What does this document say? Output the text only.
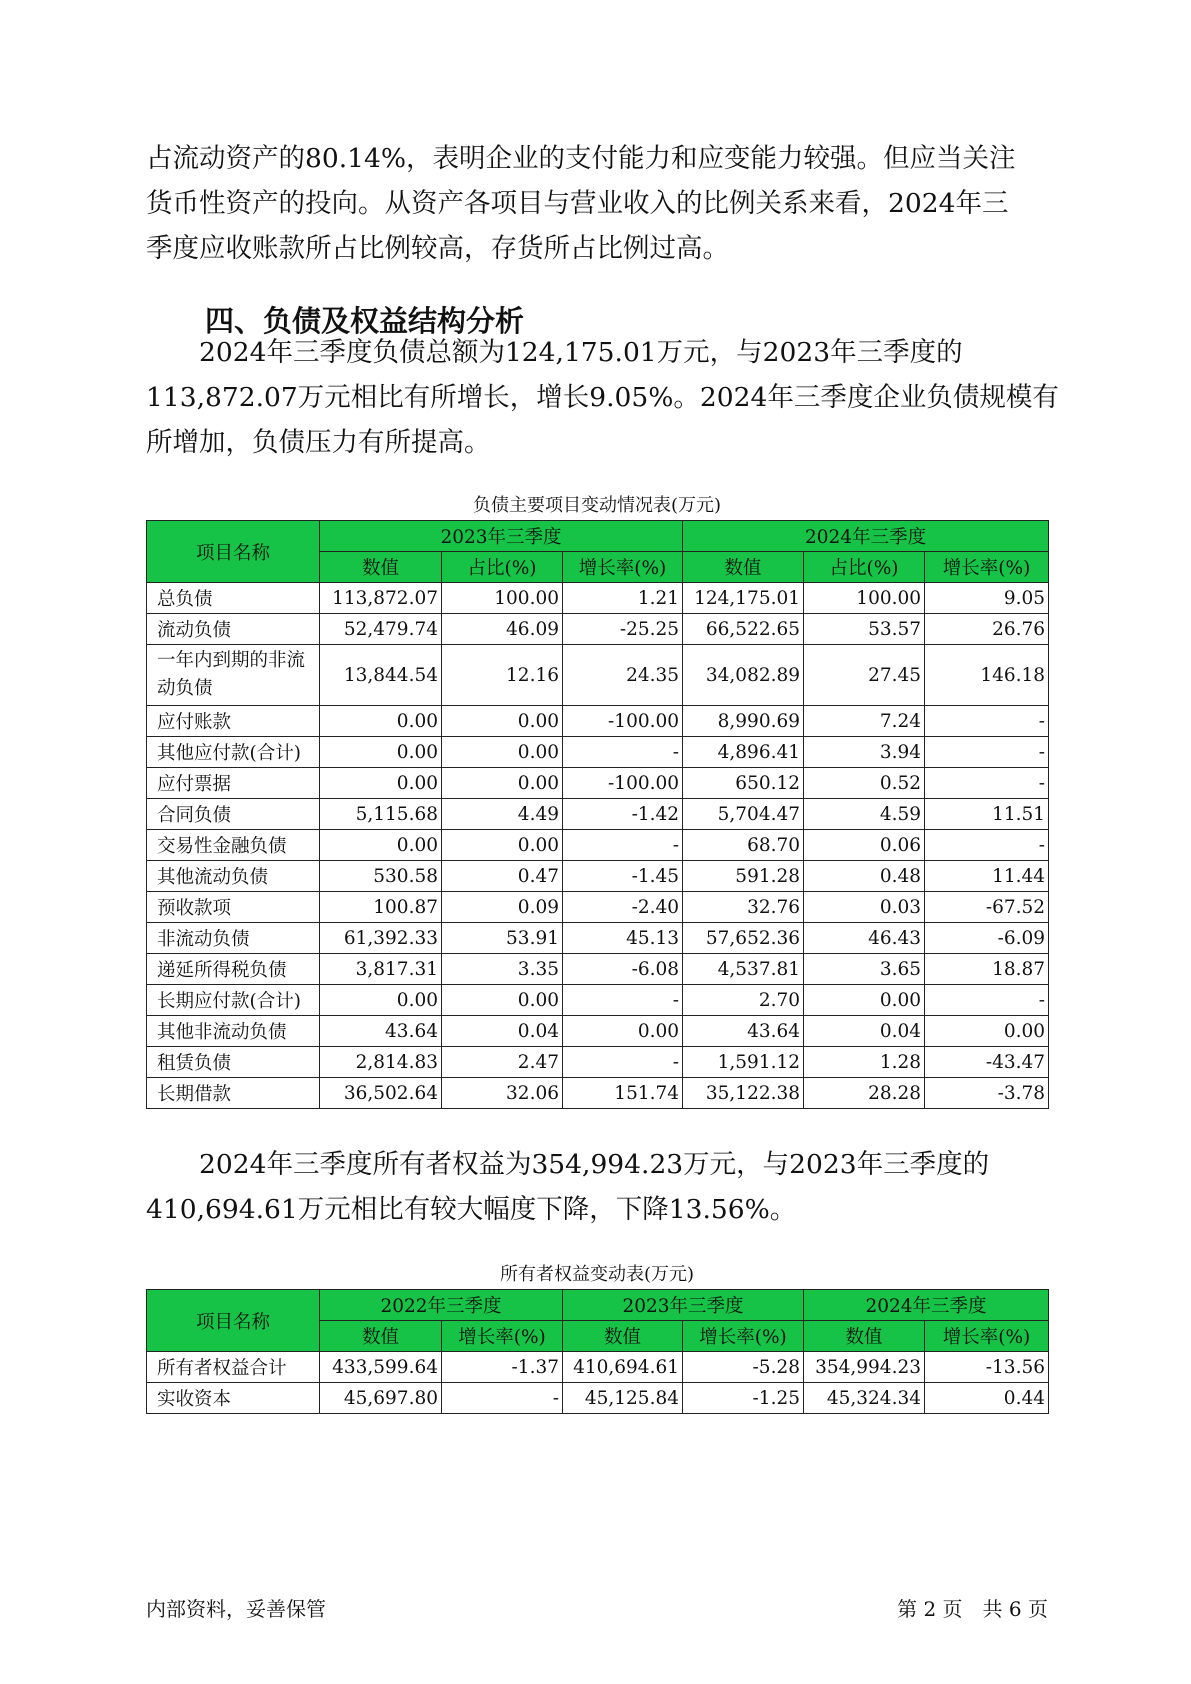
占流动资产的80.14%，表明企业的支付能力和应变能力较强。但应当关注
货币性资产的投向。从资产各项目与营业收入的比例关系来看，2024年三
季度应收账款所占比例较高，存货所占比例过高。

四、负债及权益结构分析

2024年三季度负债总额为124,175.01万元，与2023年三季度的
113,872.07万元相比有所增长，增长9.05%。2024年三季度企业负债规模有
所增加，负债压力有所提高。

负债主要项目变动情况表(万元)

项目名称	2023年三季度			2024年三季度		
	数值	占比(%)	增长率(%)	数值	占比(%)	增长率(%)
总负债	113,872.07	100.00	1.21	124,175.01	100.00	9.05
流动负债	52,479.74	46.09	-25.25	66,522.65	53.57	26.76
一年内到期的非流动负债	13,844.54	12.16	24.35	34,082.89	27.45	146.18
应付账款	0.00	0.00	-100.00	8,990.69	7.24	-
其他应付款(合计)	0.00	0.00	-	4,896.41	3.94	-
应付票据	0.00	0.00	-100.00	650.12	0.52	-
合同负债	5,115.68	4.49	-1.42	5,704.47	4.59	11.51
交易性金融负债	0.00	0.00	-	68.70	0.06	-
其他流动负债	530.58	0.47	-1.45	591.28	0.48	11.44
预收款项	100.87	0.09	-2.40	32.76	0.03	-67.52
非流动负债	61,392.33	53.91	45.13	57,652.36	46.43	-6.09
递延所得税负债	3,817.31	3.35	-6.08	4,537.81	3.65	18.87
长期应付款(合计)	0.00	0.00	-	2.70	0.00	-
其他非流动负债	43.64	0.04	0.00	43.64	0.04	0.00
租赁负债	2,814.83	2.47	-	1,591.12	1.28	-43.47
长期借款	36,502.64	32.06	151.74	35,122.38	28.28	-3.78

2024年三季度所有者权益为354,994.23万元，与2023年三季度的
410,694.61万元相比有较大幅度下降，下降13.56%。

所有者权益变动表(万元)

项目名称	2022年三季度		2023年三季度		2024年三季度	
	数值	增长率(%)	数值	增长率(%)	数值	增长率(%)
所有者权益合计	433,599.64	-1.37	410,694.61	-5.28	354,994.23	-13.56
实收资本	45,697.80	-	45,125.84	-1.25	45,324.34	0.44

内部资料，妥善保管	第 2 页　共 6 页
